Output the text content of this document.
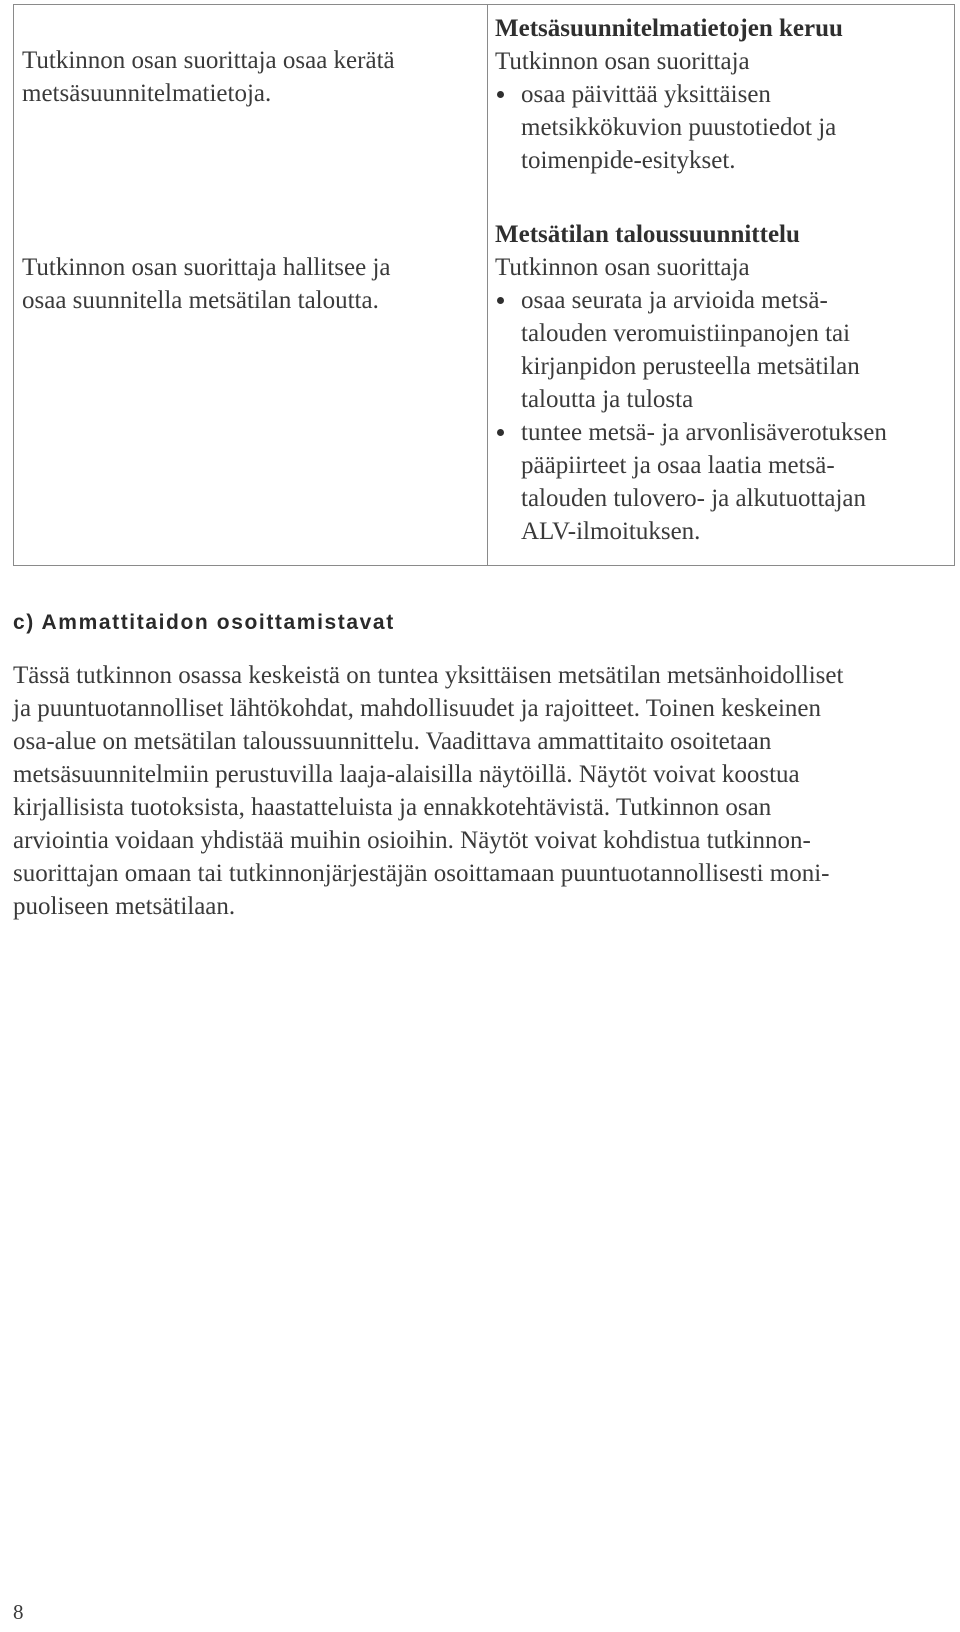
Tutkinnon osan suorittaja osaa kerätä
metsäsuunnitelmatietoja.
Tutkinnon osan suorittaja hallitsee ja
osaa suunnitella metsätilan taloutta.
Metsäsuunnitelmatietojen keruu
Tutkinnon osan suorittaja
osaa päivittää yksittäisen
metsikkökuvion puustotiedot ja
toimenpide-esitykset.
Metsätilan taloussuunnittelu
Tutkinnon osan suorittaja
osaa seurata ja arvioida metsä-
talouden veromuistiinpanojen tai
kirjanpidon perusteella metsätilan
taloutta ja tulosta
tuntee metsä- ja arvonlisäverotuksen
pääpiirteet ja osaa laatia metsä-
talouden tulovero- ja alkutuottajan
ALV-ilmoituksen.
c) Ammattitaidon osoittamistavat
Tässä tutkinnon osassa keskeistä on tuntea yksittäisen metsätilan metsänhoidolliset
ja puuntuotannolliset lähtökohdat, mahdollisuudet ja rajoitteet. Toinen keskeinen
osa-alue on metsätilan taloussuunnittelu. Vaadittava ammattitaito osoitetaan
metsäsuunnitelmiin perustuvilla laaja-alaisilla näytöillä. Näytöt voivat koostua
kirjallisista tuotoksista, haastatteluista ja ennakkotehtävistä. Tutkinnon osan
arviointia voidaan yhdistää muihin osioihin. Näytöt voivat kohdistua tutkinnon-
suorittajan omaan tai tutkinnonjärjestäjän osoittamaan puuntuotannollisesti moni-
puoliseen metsätilaan.
8
